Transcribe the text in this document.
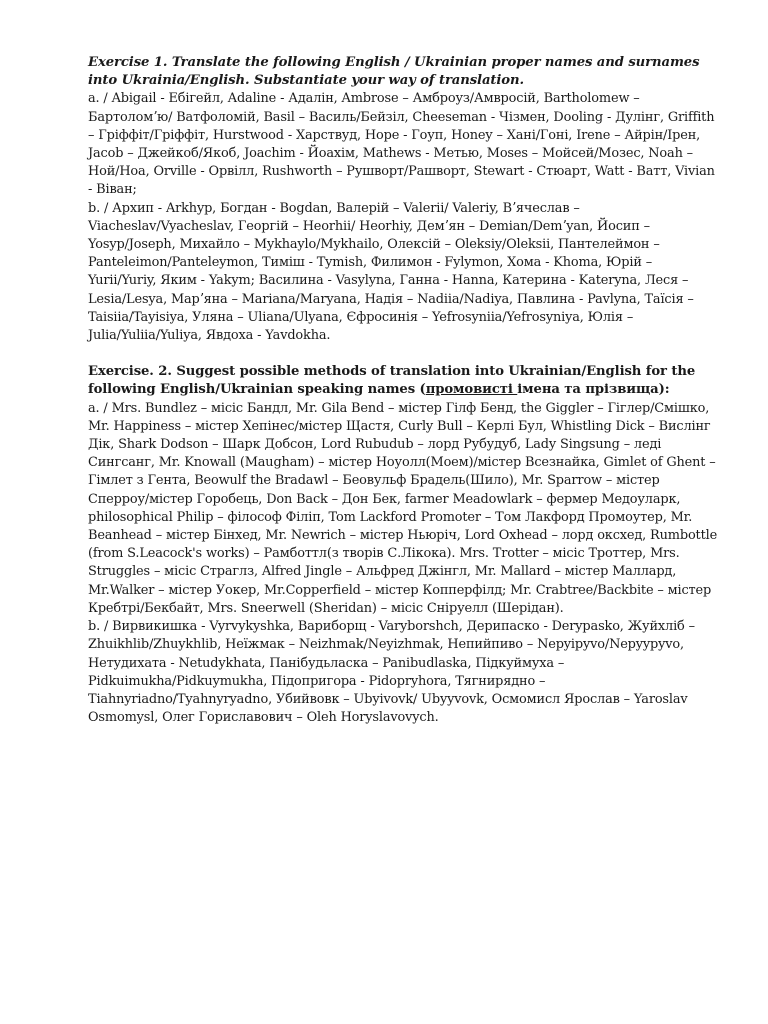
Exercise 1. Translate the following English / Ukrainian proper names and surnames into Ukrainia/English. Substantiate your way of translation.

a. / Abigail - Ебігейл, Adaline - Адалін, Ambrose – Амброуз/Амвросій, Bartholomew – Бартоломʼю/ Ватфоломій, Basil – Василь/Бейзіл, Cheeseman - Чізмен, Dooling - Дулінг, Griffith – Гріффіт/Гріффіт, Hurstwood - Харствуд, Hope - Гоуп, Honey – Хані/Гоні, Irene – Айрін/Ірен, Jacob – Джейкоб/Якоб, Joachim - Йоахім, Mathews - Метью, Moses – Мойсей/Мозес, Noah – Ной/Ноа, Orville - Орвілл, Rushworth – Рушворт/Рашворт, Stewart - Стюарт, Watt - Ватт, Vivian - Віван;

b. / Архип - Arkhyp, Богдан - Bogdan, Валерій – Valerii/ Valeriy, Вʼячеслав – Viacheslav/Vyacheslav, Георгій – Heorhii/ Heorhiy, Демʼян – Demian/Demʼyan, Йосип – Yosyp/Joseph, Михайло – Mykhaylo/Mykhailo, Олексій – Oleksiy/Oleksii, Пантелеймон – Panteleimon/Panteleymon, Тиміш - Tymish, Филимон - Fylymon, Хома - Khoma, Юрій – Yurii/Yuriy, Яким - Yakym; Василина - Vasylyna, Ганна - Hanna, Катерина - Kateryna, Леся – Lesia/Lesya, Марʼяна – Mariana/Maryana, Надія – Nadiia/Nadiya, Павлина - Pavlyna, Таїсія – Taisiia/Tayisiya, Уляна – Uliana/Ulyana, Єфросинія – Yefrosyniia/Yefrosyniya, Юлія – Julia/Yuliia/Yuliya, Явдоха - Yavdokha.

Exercise. 2. Suggest possible methods of translation into Ukrainian/English for the following English/Ukrainian speaking names (промовисті імена та прізвища):

a. / Mrs. Bundlez – місіс Бандл, Mr. Gila Bend – містер Гілф Бенд, the Giggler – Гіглер/Смішко, Mr. Happiness – містер Хепінес/містер Щастя, Curly Bull – Керлі Бул, Whistling Dick – Вислінг Дік, Shark Dodson – Шарк Добсон, Lord Rubudub – лорд Рубудуб, Lady Singsung – леді Сингсанг, Mr. Knowall (Maugham) – містер Ноуолл(Моем)/містер Всезнайка, Gimlet of Ghent – Гімлет з Гента, Beowulf the Bradawl – Беовульф Брадель(Шило), Mr. Sparrow – містер Сперроу/містер Горобець, Don Back – Дон Бек, farmer Meadowlark – фермер Медоуларк, philosophical Philip – філософ Філіп, Tom Lackford Promoter – Том Лакфорд Промоутер, Mr. Beanhead – містер Бінхед, Mr. Newrich – містер Ньюріч, Lord Oxhead – лорд оксхед, Rumbottle (from S.Leacock's works) – Рамботтл(з творів С.Лікока). Mrs. Trotter – місіс Троттер, Mrs. Struggles – місіс Стрaглз, Alfred Jingle – Альфред Джінгл, Mr. Mallard – містер Маллард, Mr.Walker – містер Уокер, Mr.Copperfield – містер Копперфілд; Mr. Crabtree/Backbite – містер Кребтрі/Бекбайт, Mrs. Sneerwell (Sheridan) – місіс Сніруелл (Шерідан).

b. / Вирвикишка - Vyrvykyshka, Вариборщ - Varyborshch, Дерипаско - Deryрasko, Жуйхліб – Zhuikhlib/Zhuykhlib, Неїжмак – Neizhmak/Neyizhmak, Непийпиво – Nepyipyvo/Nepyypyvo, Нетудихата - Netudykhata, Панібудьласка – Panibudlaska, Підкуймуха – Pidkuimukha/Pidkuymukha, Підопригора - Pidopryhora, Тягнирядно – Tiahnyriadno/Tyahnyryadno, Убийвовк – Ubyivovk/ Ubyyvovk, Осмомисл Ярослав – Yaroslav Osmomysl, Олег Гориславович – Oleh Horyslavovych.
